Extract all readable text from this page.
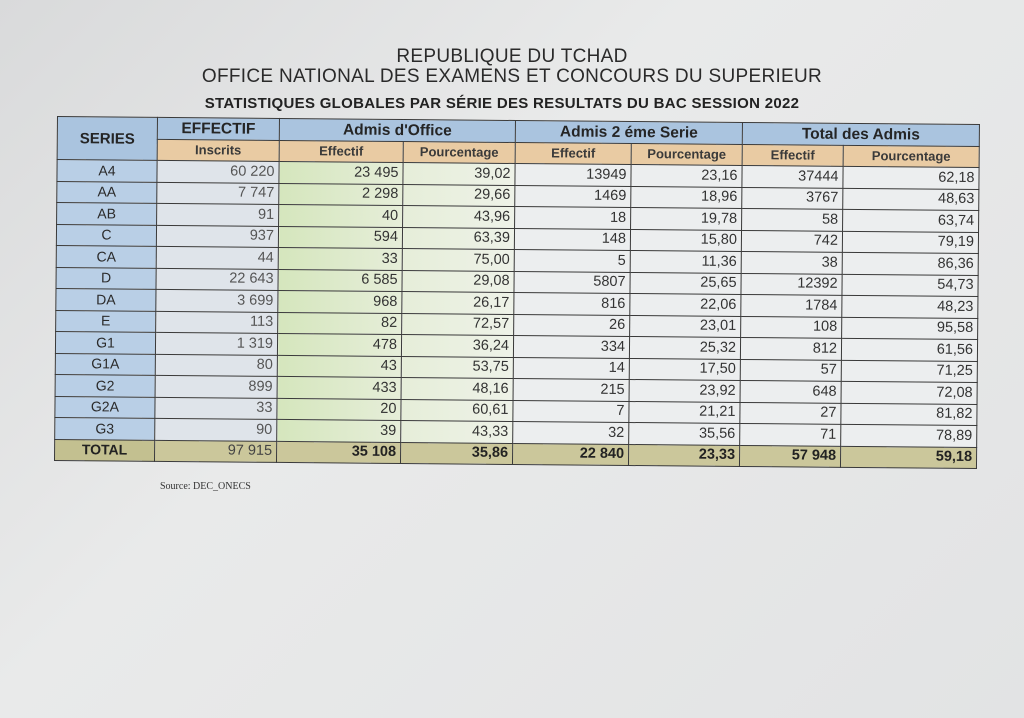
REPUBLIQUE DU TCHAD
OFFICE NATIONAL DES EXAMENS ET CONCOURS DU SUPERIEUR
STATISTIQUES GLOBALES PAR SÉRIE DES RESULTATS DU BAC SESSION 2022
SERIES	EFFECTIF	Admis d'Office		Admis 2 éme Serie		Total des Admis	
	Inscrits	Effectif	Pourcentage	Effectif	Pourcentage	Effectif	Pourcentage
A4	60 220	23 495	39,02	13949	23,16	37444	62,18
AA	7 747	2 298	29,66	1469	18,96	3767	48,63
AB	91	40	43,96	18	19,78	58	63,74
C	937	594	63,39	148	15,80	742	79,19
CA	44	33	75,00	5	11,36	38	86,36
D	22 643	6 585	29,08	5807	25,65	12392	54,73
DA	3 699	968	26,17	816	22,06	1784	48,23
E	113	82	72,57	26	23,01	108	95,58
G1	1 319	478	36,24	334	25,32	812	61,56
G1A	80	43	53,75	14	17,50	57	71,25
G2	899	433	48,16	215	23,92	648	72,08
G2A	33	20	60,61	7	21,21	27	81,82
G3	90	39	43,33	32	35,56	71	78,89
TOTAL	97 915	35 108	35,86	22 840	23,33	57 948	59,18
Source: DEC_ONECS
